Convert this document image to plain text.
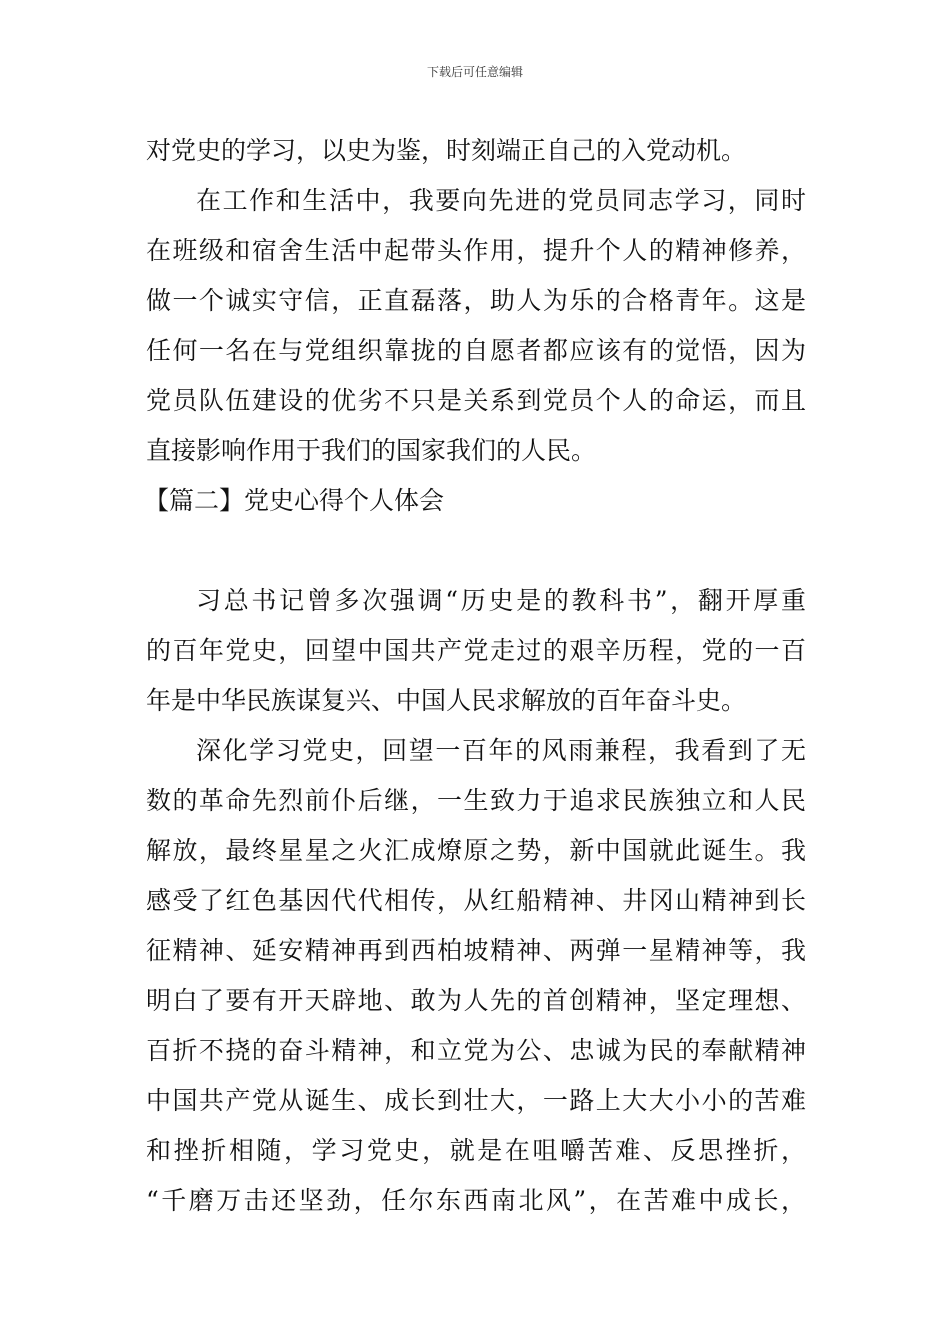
下载后可任意编辑
对党史的学习，以史为鉴，时刻端正自己的入党动机。
在工作和生活中，我要向先进的党员同志学习，同时
在班级和宿舍生活中起带头作用，提升个人的精神修养，
做一个诚实守信，正直磊落，助人为乐的合格青年。这是
任何一名在与党组织靠拢的自愿者都应该有的觉悟，因为
党员队伍建设的优劣不只是关系到党员个人的命运，而且
直接影响作用于我们的国家我们的人民。
【篇二】党史心得个人体会
习总书记曾多次强调“历史是的教科书”，翻开厚重
的百年党史，回望中国共产党走过的艰辛历程，党的一百
年是中华民族谋复兴、中国人民求解放的百年奋斗史。
深化学习党史，回望一百年的风雨兼程，我看到了无
数的革命先烈前仆后继，一生致力于追求民族独立和人民
解放，最终星星之火汇成燎原之势，新中国就此诞生。我
感受了红色基因代代相传，从红船精神、井冈山精神到长
征精神、延安精神再到西柏坡精神、两弹一星精神等，我
明白了要有开天辟地、敢为人先的首创精神，坚定理想、
百折不挠的奋斗精神，和立党为公、忠诚为民的奉献精神
中国共产党从诞生、成长到壮大，一路上大大小小的苦难
和挫折相随，学习党史，就是在咀嚼苦难、反思挫折，
“千磨万击还坚劲，任尔东西南北风”，在苦难中成长，
